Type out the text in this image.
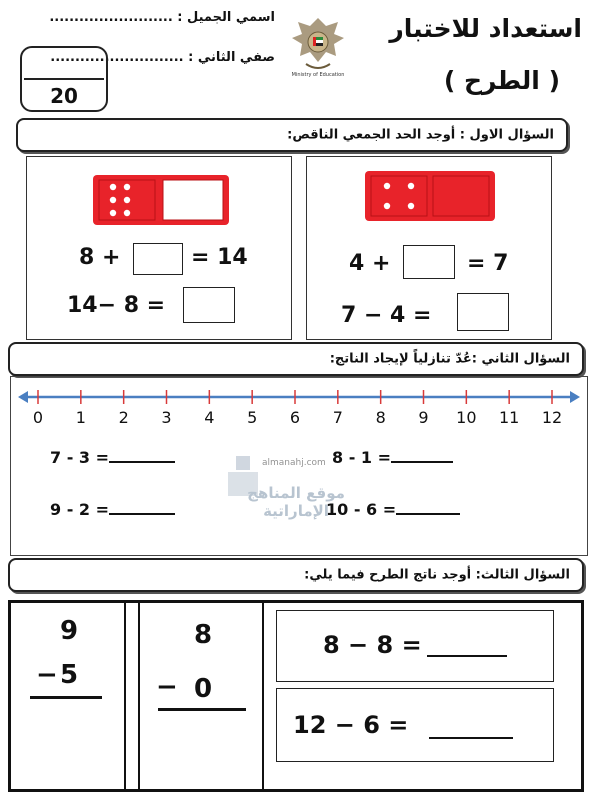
استعداد للاختبار
( الطرح )
اسمي الجميل : .........................
صفي الثاني : ...........................
20
Ministry of Education
السؤال الاول : أوجد الحد الجمعي الناقص:
8 +	= 14
14− 8 =
4 +	= 7
7 − 4 =
السؤال الثاني :عُدّ تنازلياً لإيجاد الناتج:
0	1	2	3	4	5	6	7	8	9	10	11	12
7 - 3 =	8 - 1 =
9 - 2 =	10 - 6 =
almanahj.com
موقع المناهج الإماراتية
السؤال الثالث: أوجد ناتج الطرح فيما يلي:
9
− 5
8
− 0
8 − 8 =
12 − 6 =
